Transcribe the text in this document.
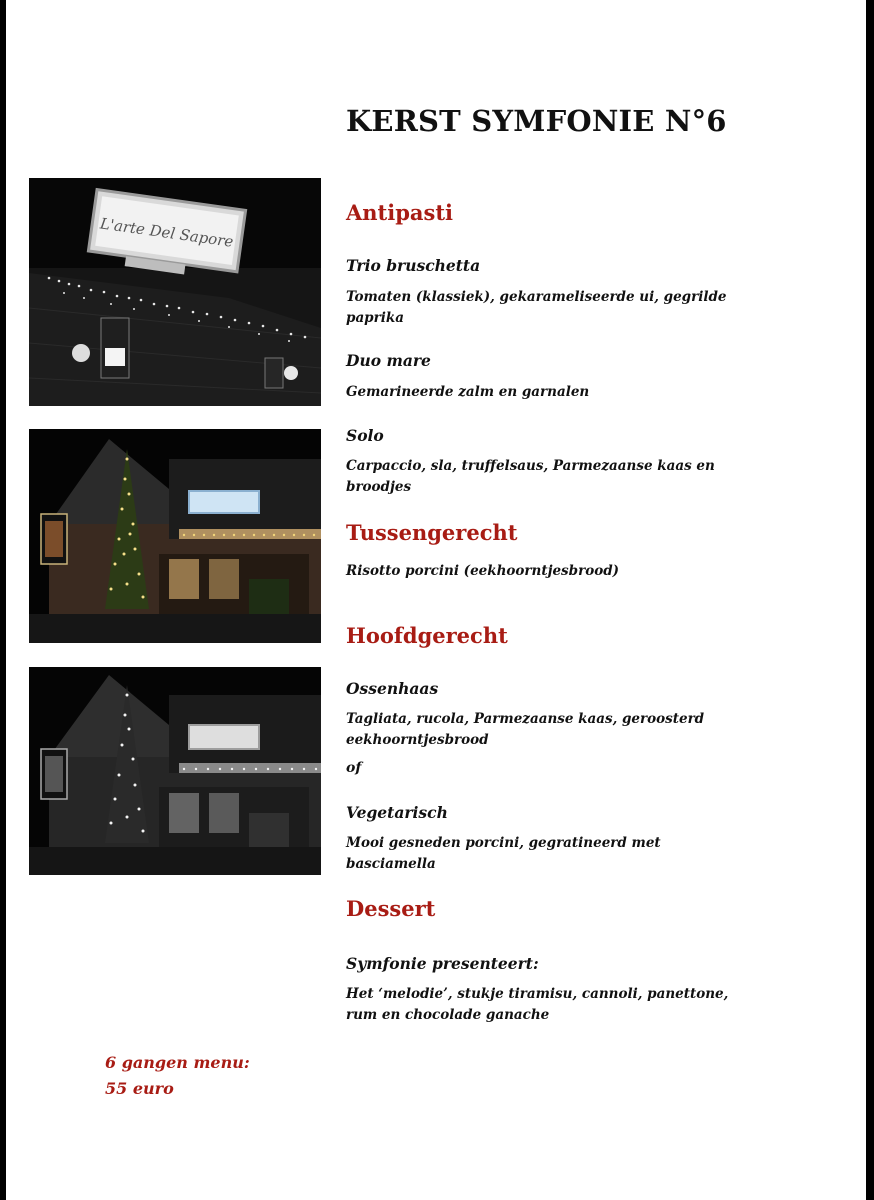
KERST SYMFONIE N°6
L'arte Del Sapore
Antipasti

Trio bruschetta

Tomaten (klassiek), gekarameliseerde ui, gegrilde paprika

Duo mare

Gemarineerde zalm en garnalen

Solo

Carpaccio, sla, truffelsaus, Parmezaanse kaas en broodjes

Tussengerecht

Risotto porcini (eekhoorntjesbrood)

Hoofdgerecht

Ossenhaas

Tagliata, rucola, Parmezaanse kaas, geroosterd eekhoorntjesbrood

of

Vegetarisch

Mooi gesneden porcini, gegratineerd met basciamella

Dessert

Symfonie presenteert:

Het ‘melodie’, stukje tiramisu, cannoli, panettone, rum en chocolade ganache

6 gangen menu:
55 euro
